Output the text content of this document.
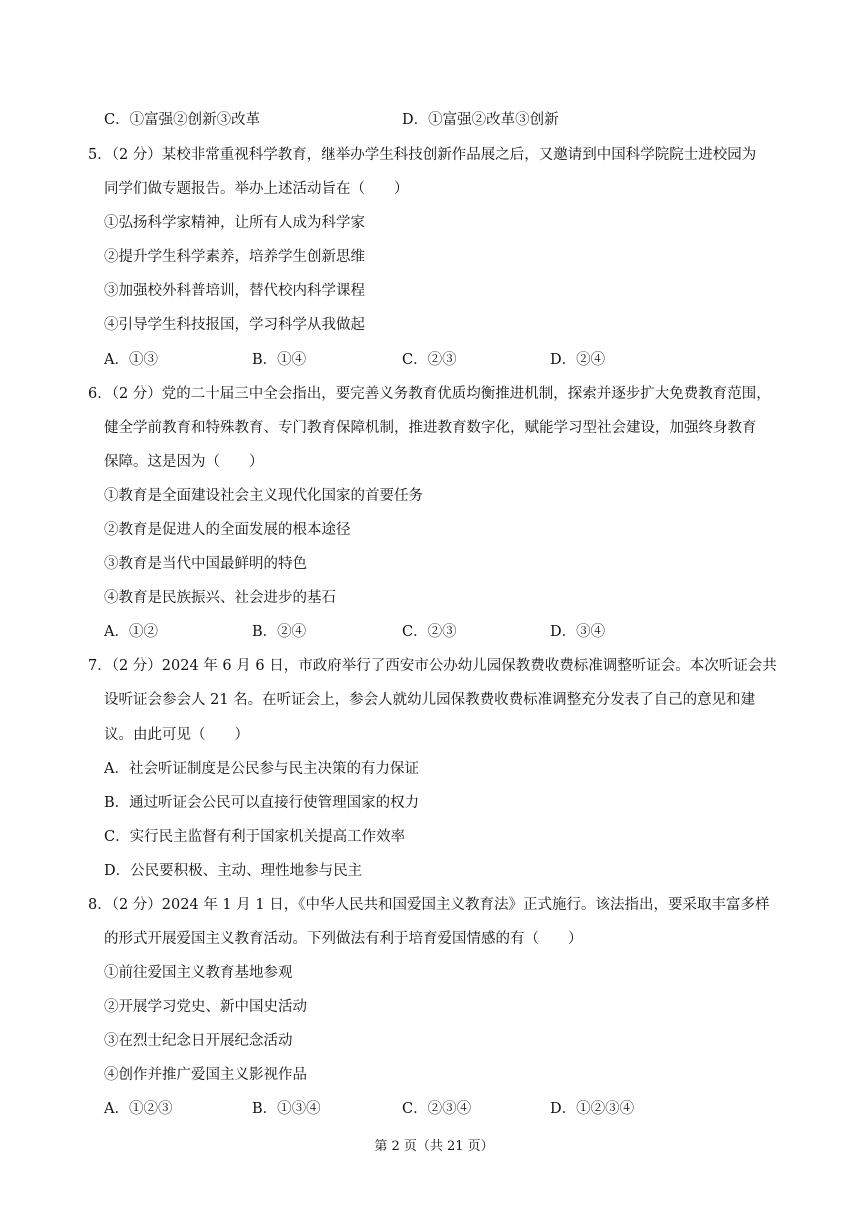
C．①富强②创新③改革	D．①富强②改革③创新
5．（2 分）某校非常重视科学教育，继举办学生科技创新作品展之后，又邀请到中国科学院院士进校园为
同学们做专题报告。举办上述活动旨在（　　）
①弘扬科学家精神，让所有人成为科学家
②提升学生科学素养，培养学生创新思维
③加强校外科普培训，替代校内科学课程
④引导学生科技报国，学习科学从我做起
A．①③	B．①④	C．②③	D．②④
6．（2 分）党的二十届三中全会指出，要完善义务教育优质均衡推进机制，探索并逐步扩大免费教育范围，
健全学前教育和特殊教育、专门教育保障机制，推进教育数字化，赋能学习型社会建设，加强终身教育
保障。这是因为（　　）
①教育是全面建设社会主义现代化国家的首要任务
②教育是促进人的全面发展的根本途径
③教育是当代中国最鲜明的特色
④教育是民族振兴、社会进步的基石
A．①②	B．②④	C．②③	D．③④
7．（2 分）2024 年 6 月 6 日，市政府举行了西安市公办幼儿园保教费收费标准调整听证会。本次听证会共
设听证会参会人 21 名。在听证会上，参会人就幼儿园保教费收费标准调整充分发表了自己的意见和建
议。由此可见（　　）
A．社会听证制度是公民参与民主决策的有力保证
B．通过听证会公民可以直接行使管理国家的权力
C．实行民主监督有利于国家机关提高工作效率
D．公民要积极、主动、理性地参与民主
8．（2 分）2024 年 1 月 1 日，《中华人民共和国爱国主义教育法》正式施行。该法指出，要采取丰富多样
的形式开展爱国主义教育活动。下列做法有利于培育爱国情感的有（　　）
①前往爱国主义教育基地参观
②开展学习党史、新中国史活动
③在烈士纪念日开展纪念活动
④创作并推广爱国主义影视作品
A．①②③	B．①③④	C．②③④	D．①②③④
第 2 页（共 21 页）
